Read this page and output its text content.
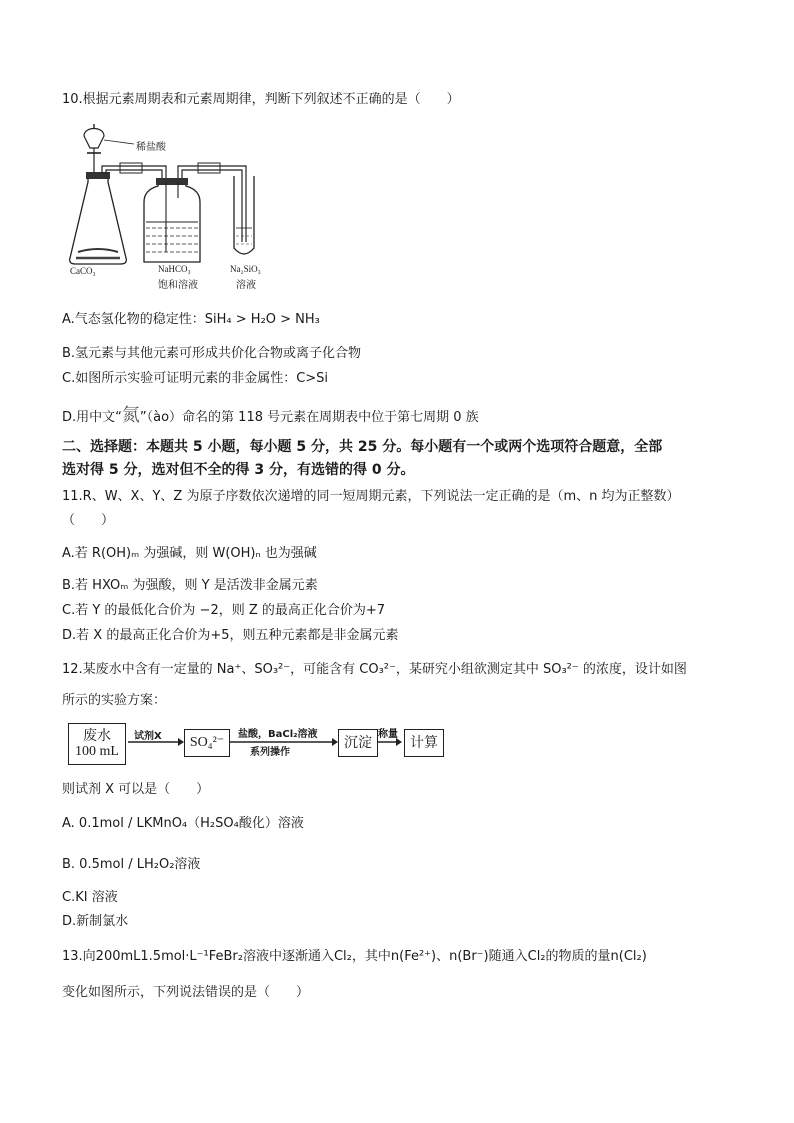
10.根据元素周期表和元素周期律，判断下列叙述不正确的是（　　）
稀盐酸
CaCO₃	NaHCO₃
饱和溶液
Na₂SiO₃
溶液
A.气态氢化物的稳定性：SiH₄ > H₂O > NH₃
B.氢元素与其他元素可形成共价化合物或离子化合物
C.如图所示实验可证明元素的非金属性：C>Si
D.用中文“氮”（ào）命名的第 118 号元素在周期表中位于第七周期 0 族
二、选择题：本题共 5 小题，每小题 5 分，共 25 分。每小题有一个或两个选项符合题意，全部
选对得 5 分，选对但不全的得 3 分，有选错的得 0 分。
11.R、W、X、Y、Z 为原子序数依次递增的同一短周期元素，下列说法一定正确的是（m、n 均为正整数）
（　　）
A.若 R(OH)ₘ 为强碱，则 W(OH)ₙ 也为强碱
B.若 HXOₘ 为强酸，则 Y 是活泼非金属元素
C.若 Y 的最低化合价为 −2，则 Z 的最高正化合价为+7
D.若 X 的最高正化合价为+5，则五种元素都是非金属元素
12.某废水中含有一定量的 Na⁺、SO₃²⁻，可能含有 CO₃²⁻，某研究小组欲测定其中 SO₃²⁻ 的浓度，设计如图
所示的实验方案：
废水
100 mL
试剂X	SO₄²⁻
盐酸，BaCl₂溶液
系列操作
沉淀
称量
计算
则试剂 X 可以是（　　）
A. 0.1mol / LKMnO₄（H₂SO₄酸化）溶液
B. 0.5mol / LH₂O₂溶液
C.KI 溶液
D.新制氯水
13.向200mL1.5mol·L⁻¹FeBr₂溶液中逐渐通入Cl₂，其中n(Fe²⁺)、n(Br⁻)随通入Cl₂的物质的量n(Cl₂)
变化如图所示，下列说法错误的是（　　）
